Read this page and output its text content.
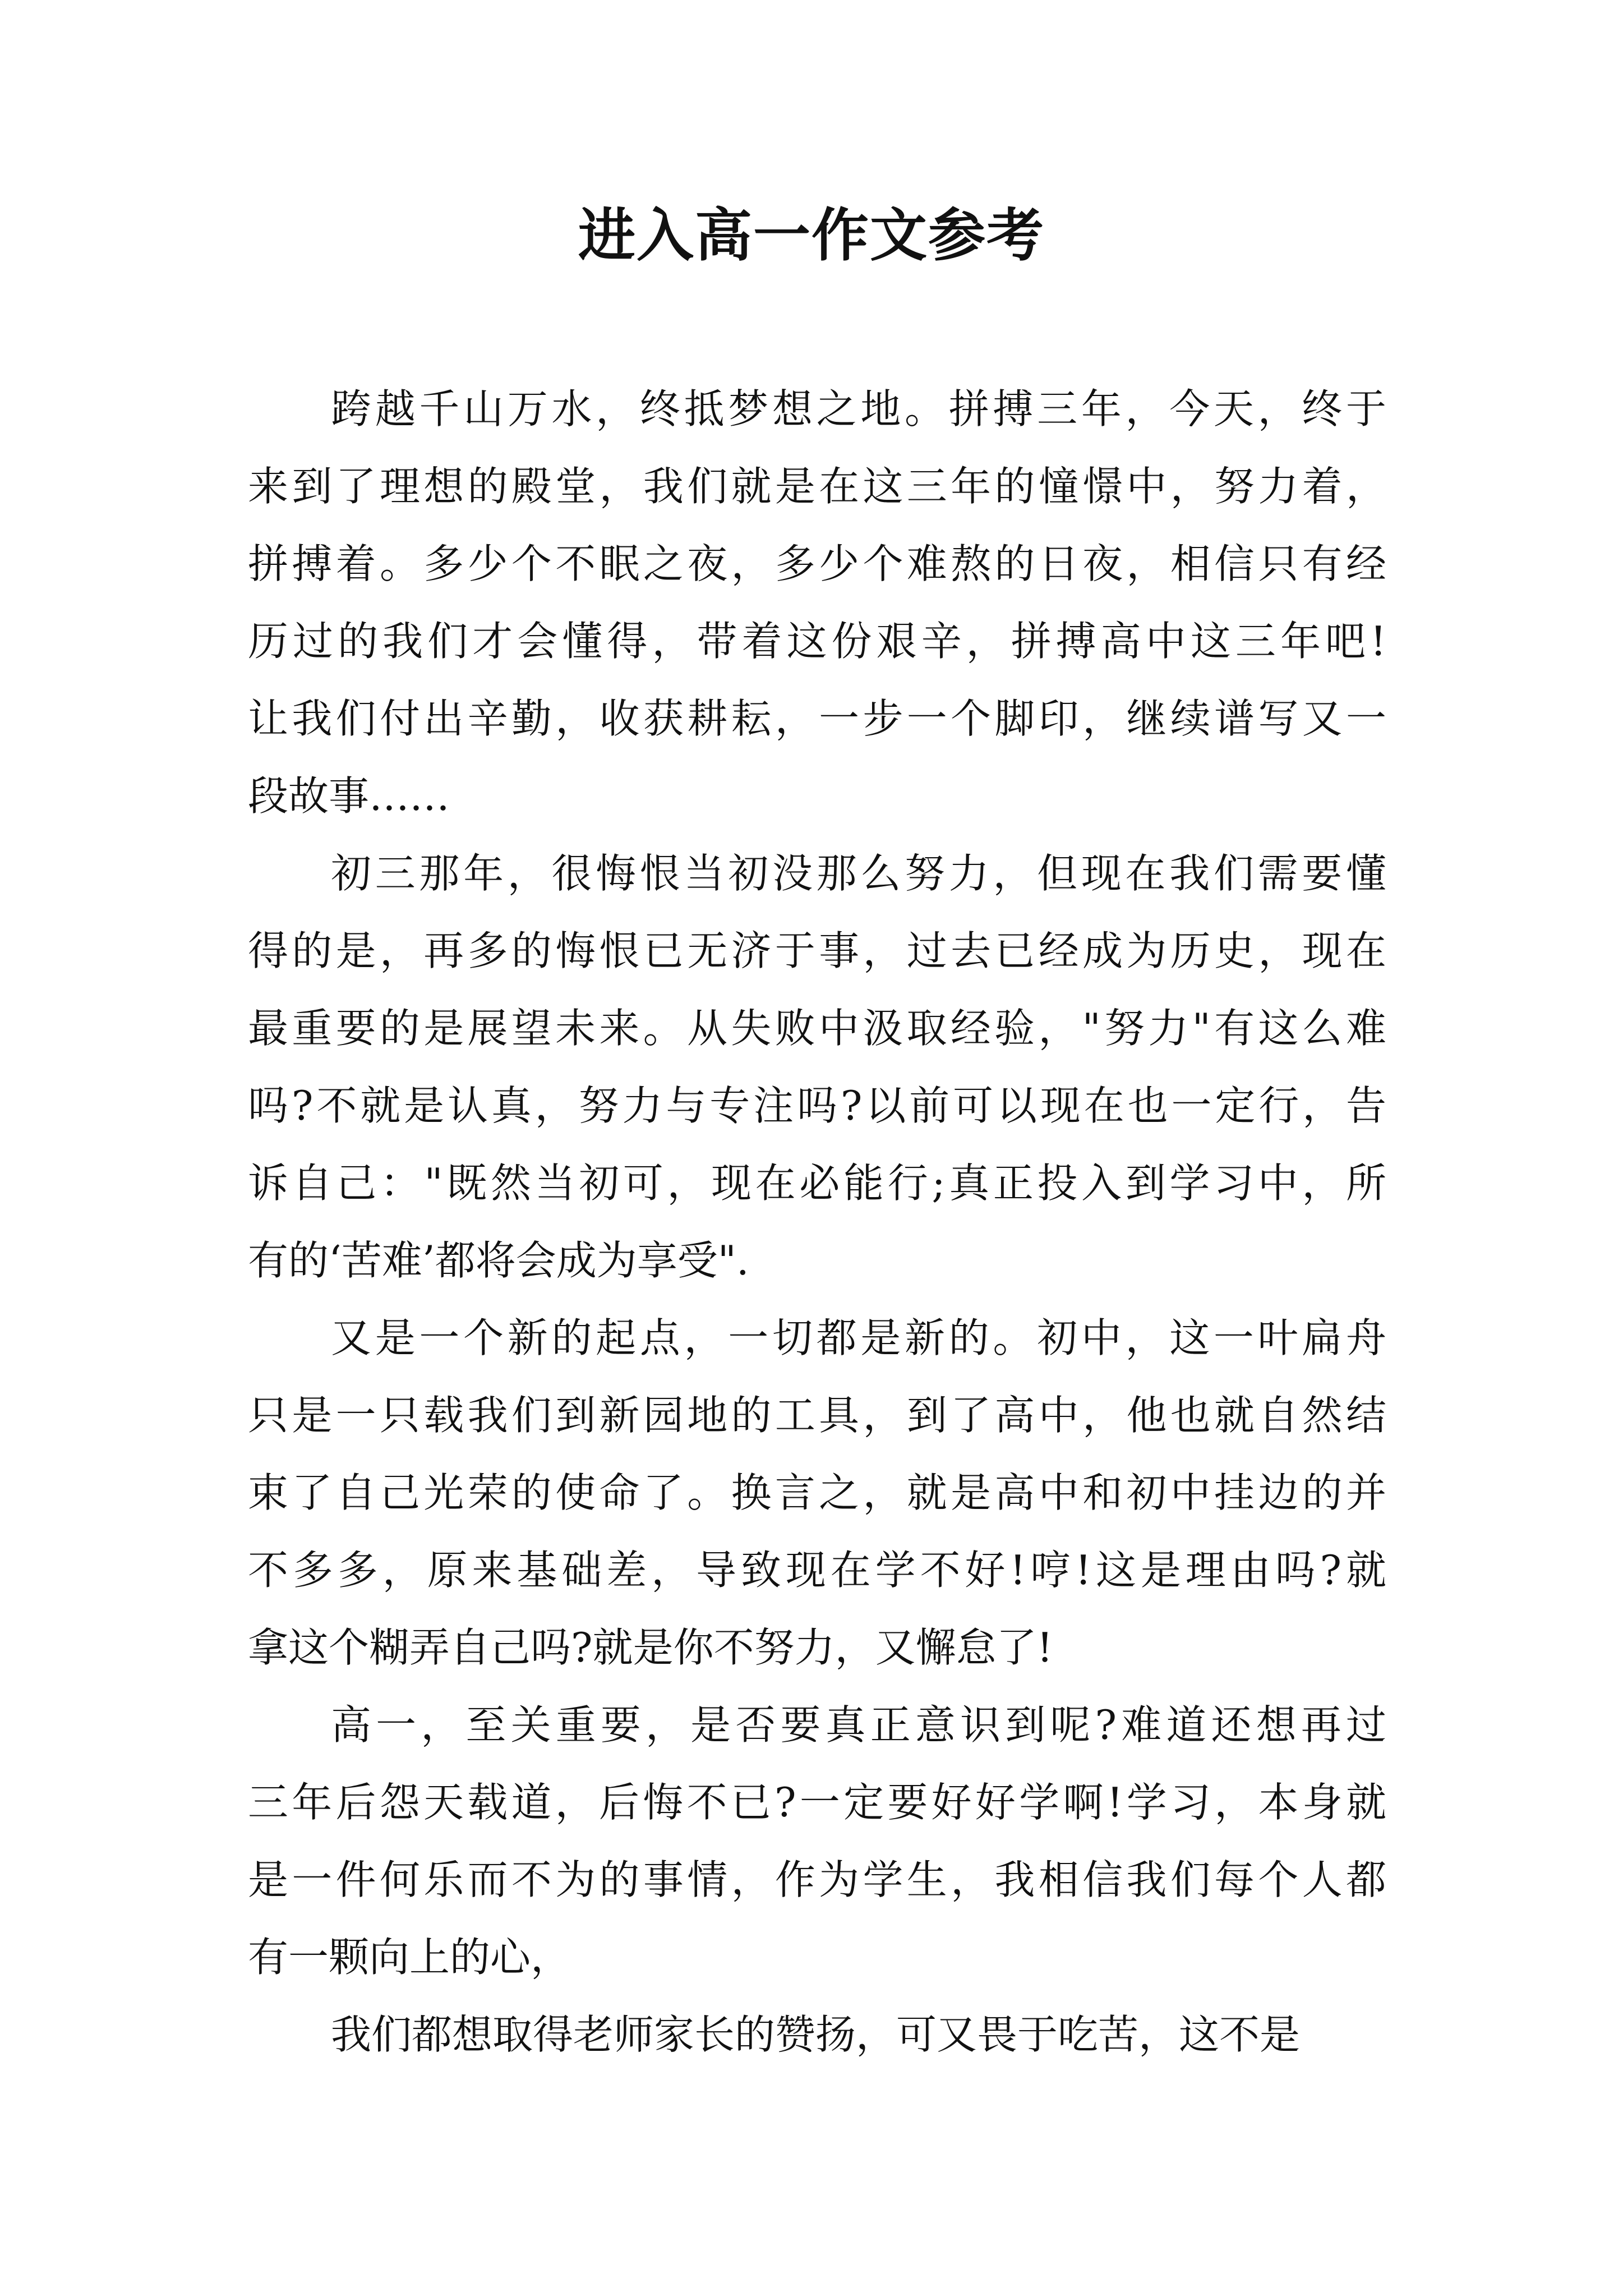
进入高一作文参考
跨越千山万水，终抵梦想之地。拼搏三年，今天，终于
来到了理想的殿堂，我们就是在这三年的憧憬中，努力着，
拼搏着。多少个不眠之夜，多少个难熬的日夜，相信只有经
历过的我们才会懂得，带着这份艰辛，拼搏高中这三年吧!
让我们付出辛勤，收获耕耘，一步一个脚印，继续谱写又一
段故事……
初三那年，很悔恨当初没那么努力，但现在我们需要懂
得的是，再多的悔恨已无济于事，过去已经成为历史，现在
最重要的是展望未来。从失败中汲取经验，"努力"有这么难
吗?不就是认真，努力与专注吗?以前可以现在也一定行，告
诉自己："既然当初可，现在必能行;真正投入到学习中，所
有的‘苦难’都将会成为享受".
又是一个新的起点，一切都是新的。初中，这一叶扁舟
只是一只载我们到新园地的工具，到了高中，他也就自然结
束了自己光荣的使命了。换言之，就是高中和初中挂边的并
不多多，原来基础差，导致现在学不好!哼!这是理由吗?就
拿这个糊弄自己吗?就是你不努力，又懈怠了!
高一，至关重要，是否要真正意识到呢?难道还想再过
三年后怨天载道，后悔不已?一定要好好学啊!学习，本身就
是一件何乐而不为的事情，作为学生，我相信我们每个人都
有一颗向上的心，
我们都想取得老师家长的赞扬，可又畏于吃苦，这不是
